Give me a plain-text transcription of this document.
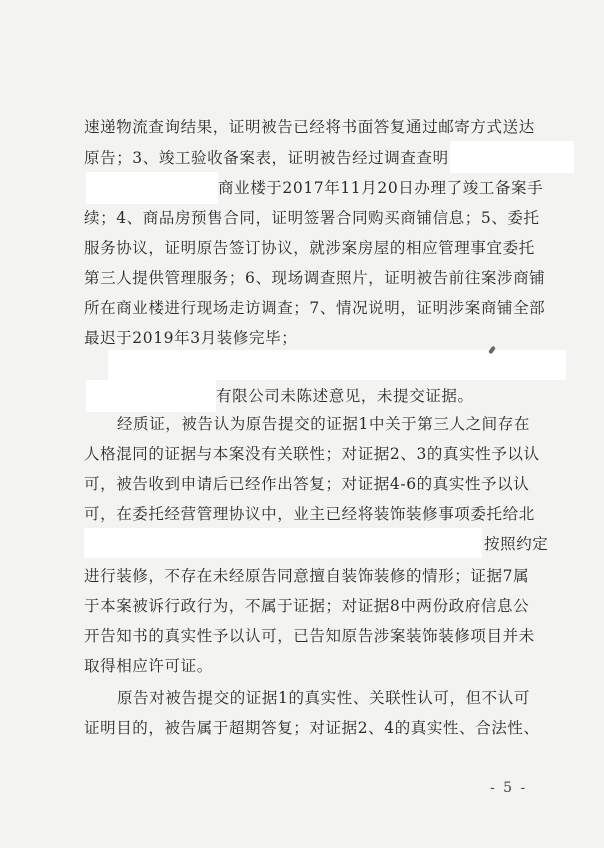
速递物流查询结果，证明被告已经将书面答复通过邮寄方式送达
原告；3、竣工验收备案表，证明被告经过调查查明
商业楼于2017年11月20日办理了竣工备案手
续；4、商品房预售合同，证明签署合同购买商铺信息；5、委托
服务协议，证明原告签订协议，就涉案房屋的相应管理事宜委托
第三人提供管理服务；6、现场调查照片，证明被告前往案涉商铺
所在商业楼进行现场走访调查；7、情况说明，证明涉案商铺全部
最迟于2019年3月装修完毕；
有限公司未陈述意见，未提交证据。
经质证，被告认为原告提交的证据1中关于第三人之间存在
人格混同的证据与本案没有关联性；对证据2、3的真实性予以认
可，被告收到申请后已经作出答复；对证据4-6的真实性予以认
可，在委托经营管理协议中，业主已经将装饰装修事项委托给北
按照约定
进行装修，不存在未经原告同意擅自装饰装修的情形；证据7属
于本案被诉行政行为，不属于证据；对证据8中两份政府信息公
开告知书的真实性予以认可，已告知原告涉案装饰装修项目并未
取得相应许可证。
原告对被告提交的证据1的真实性、关联性认可，但不认可
证明目的，被告属于超期答复；对证据2、4的真实性、合法性、
- 5 -
